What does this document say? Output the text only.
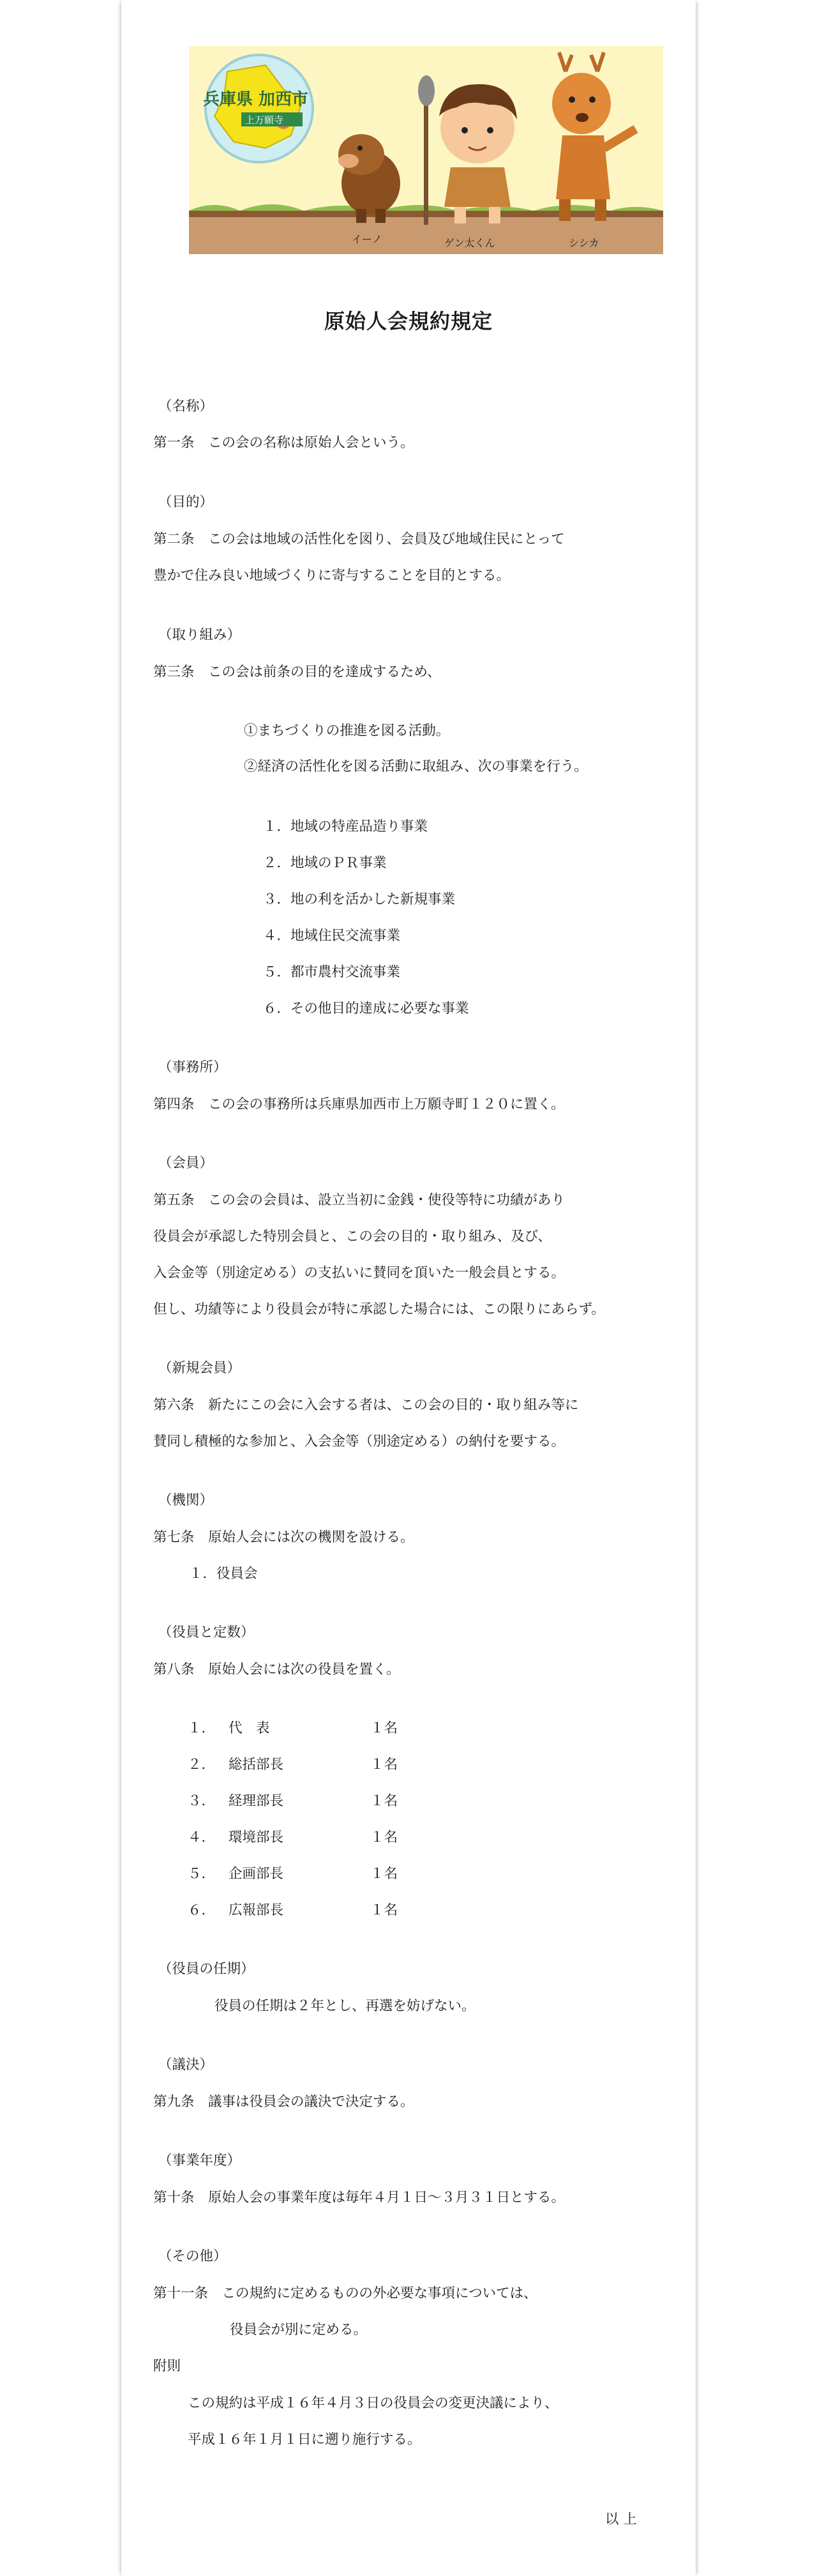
兵庫県 加西市
上万願寺
イーノ	ゲン太くん	シシカ
原始人会規約規定
（名称）
第一条　この会の名称は原始人会という。
（目的）
第二条　この会は地域の活性化を図り、会員及び地域住民にとって
豊かで住み良い地域づくりに寄与することを目的とする。
（取り組み）
第三条　この会は前条の目的を達成するため、
①まちづくりの推進を図る活動。
②経済の活性化を図る活動に取組み、次の事業を行う。
１．地域の特産品造り事業
２．地域のＰＲ事業
３．地の利を活かした新規事業
４．地域住民交流事業
５．都市農村交流事業
６．その他目的達成に必要な事業
（事務所）
第四条　この会の事務所は兵庫県加西市上万願寺町１２０に置く。
（会員）
第五条　この会の会員は、設立当初に金銭・使役等特に功績があり
役員会が承認した特別会員と、この会の目的・取り組み、及び、
入会金等（別途定める）の支払いに賛同を頂いた一般会員とする。
但し、功績等により役員会が特に承認した場合には、この限りにあらず。
（新規会員）
第六条　新たにこの会に入会する者は、この会の目的・取り組み等に
賛同し積極的な参加と、入会金等（別途定める）の納付を要する。
（機関）
第七条　原始人会には次の機関を設ける。
１．役員会
（役員と定数）
第八条　原始人会には次の役員を置く。
１． 代　表	１名
２． 総括部長	１名
３． 経理部長	１名
４． 環境部長	１名
５． 企画部長	１名
６． 広報部長	１名
（役員の任期）
役員の任期は２年とし、再選を妨げない。
（議決）
第九条　議事は役員会の議決で決定する。
（事業年度）
第十条　原始人会の事業年度は毎年４月１日～３月３１日とする。
（その他）
第十一条　この規約に定めるものの外必要な事項については、
役員会が別に定める。
附則
この規約は平成１６年４月３日の役員会の変更決議により、
平成１６年１月１日に遡り施行する。
以 上
